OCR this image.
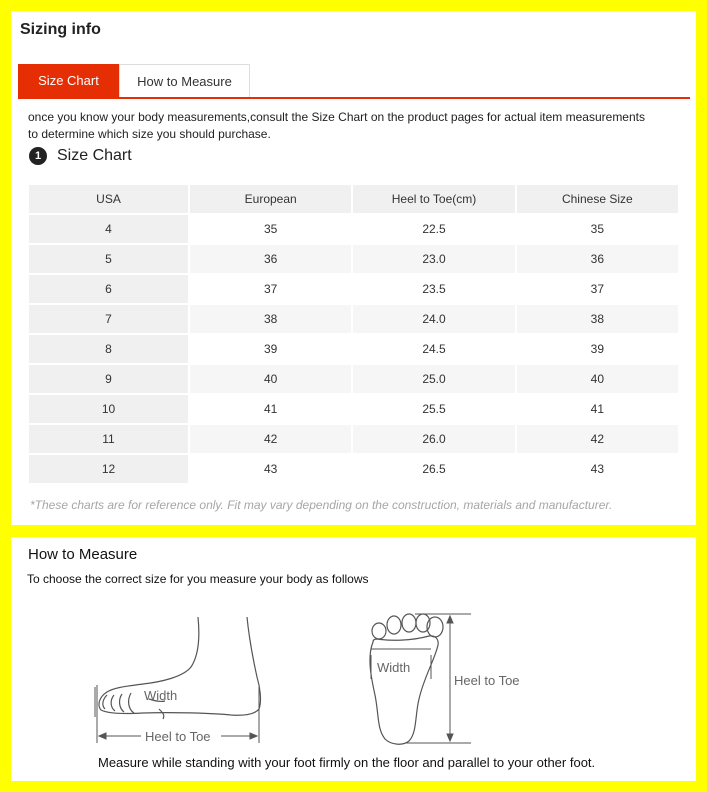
Sizing info
Size Chart	How to Measure
once you know your body measurements,consult the Size Chart on the product pages for actual item measurements to determine which size you should purchase.
1 Size Chart
USA	European	Heel to Toe(cm)	Chinese Size
4	35	22.5	35
5	36	23.0	36
6	37	23.5	37
7	38	24.0	38
8	39	24.5	39
9	40	25.0	40
10	41	25.5	41
11	42	26.0	42
12	43	26.5	43
*These charts are for reference only. Fit may vary depending on the construction, materials and manufacturer.
How to Measure
To choose the correct size for you measure your body as follows
Width
Heel to Toe
Width
Heel to Toe
Measure while standing with your foot firmly on the floor and parallel to your other foot.
